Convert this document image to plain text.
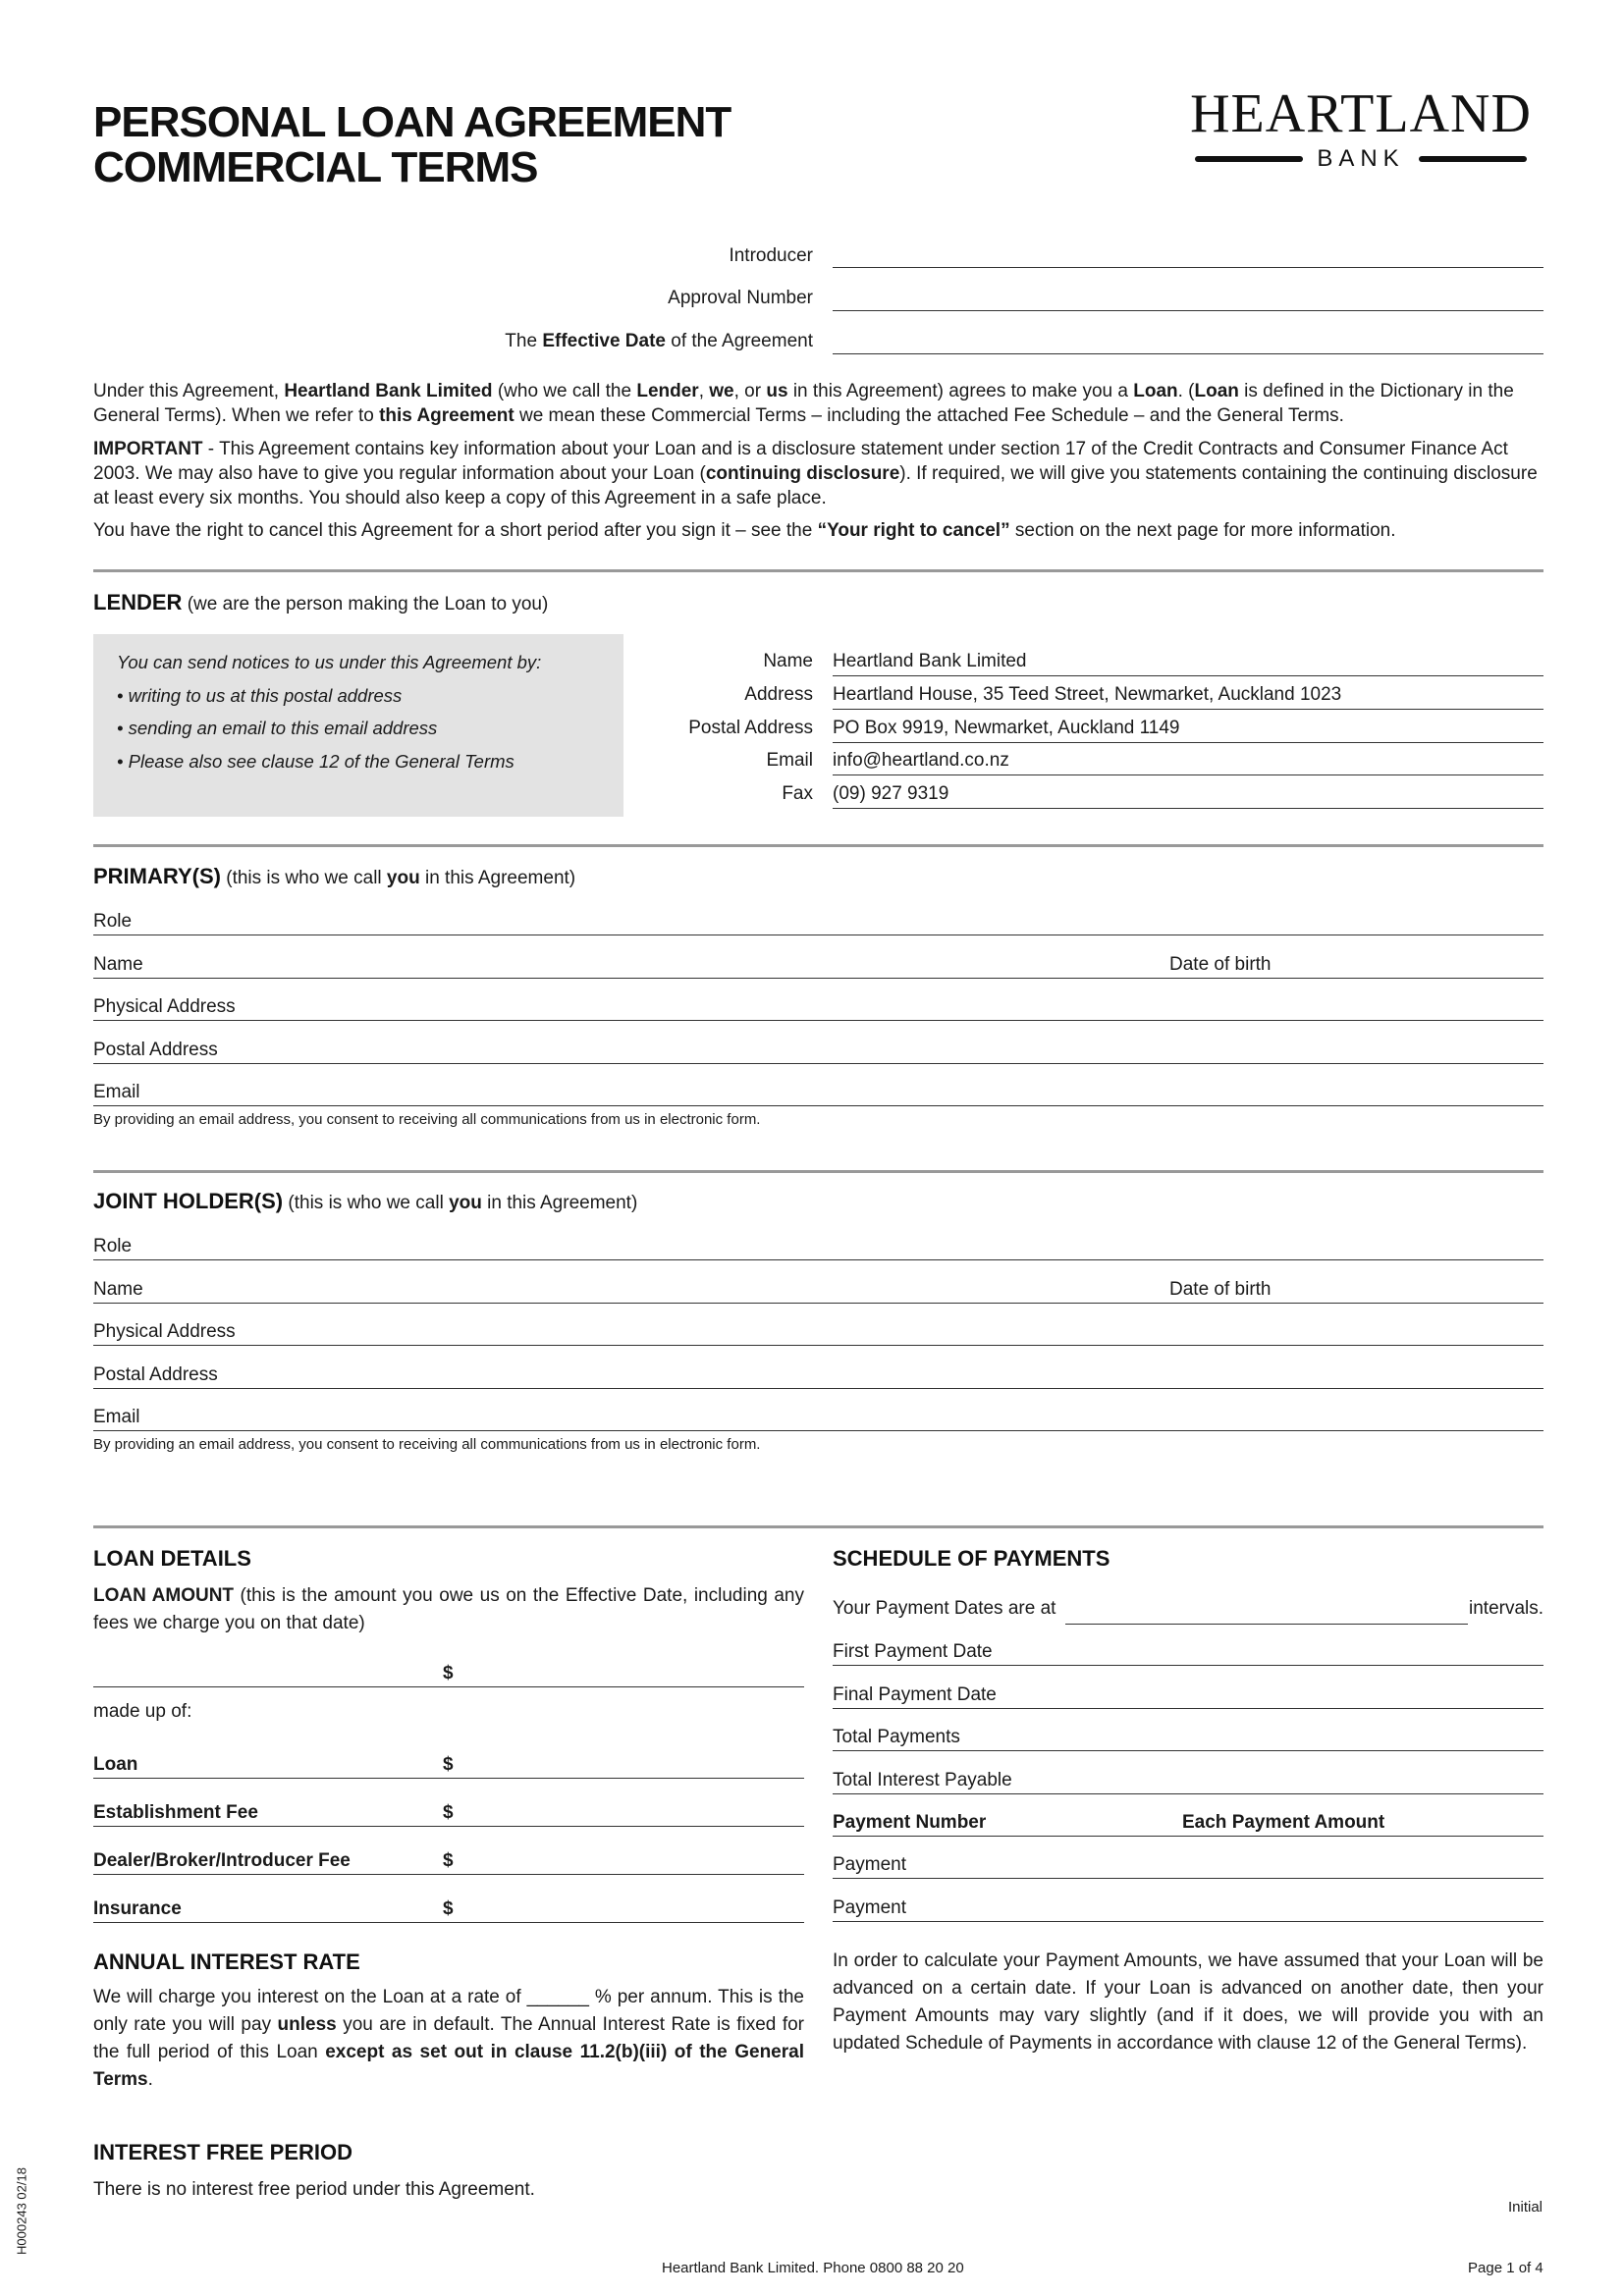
PERSONAL LOAN AGREEMENT
COMMERCIAL TERMS
HEARTLAND
BANK
Introducer
Approval Number
The Effective Date of the Agreement
Under this Agreement, Heartland Bank Limited (who we call the Lender, we, or us in this Agreement) agrees to make you a Loan. (Loan is defined in the Dictionary in the General Terms). When we refer to this Agreement we mean these Commercial Terms – including the attached Fee Schedule – and the General Terms.
IMPORTANT - This Agreement contains key information about your Loan and is a disclosure statement under section 17 of the Credit Contracts and Consumer Finance Act 2003. We may also have to give you regular information about your Loan (continuing disclosure). If required, we will give you statements containing the continuing disclosure at least every six months. You should also keep a copy of this Agreement in a safe place.
You have the right to cancel this Agreement for a short period after you sign it – see the “Your right to cancel” section on the next page for more information.
LENDER (we are the person making the Loan to you)
You can send notices to us under this Agreement by:
• writing to us at this postal address
• sending an email to this email address
• Please also see clause 12 of the General Terms
Name Heartland Bank Limited
Address Heartland House, 35 Teed Street, Newmarket, Auckland 1023
Postal Address PO Box 9919, Newmarket, Auckland 1149
Email info@heartland.co.nz
Fax (09) 927 9319
PRIMARY(S) (this is who we call you in this Agreement)
Role
Name	Date of birth
Physical Address
Postal Address
Email
By providing an email address, you consent to receiving all communications from us in electronic form.
JOINT HOLDER(S) (this is who we call you in this Agreement)
Role
Name	Date of birth
Physical Address
Postal Address
Email
By providing an email address, you consent to receiving all communications from us in electronic form.
LOAN DETAILS
LOAN AMOUNT (this is the amount you owe us on the Effective Date, including any fees we charge you on that date)
$
made up of:
Loan	$
Establishment Fee	$
Dealer/Broker/Introducer Fee	$
Insurance	$
ANNUAL INTEREST RATE
We will charge you interest on the Loan at a rate of ______ % per annum. This is the only rate you will pay unless you are in default. The Annual Interest Rate is fixed for the full period of this Loan except as set out in clause 11.2(b)(iii) of the General Terms.
SCHEDULE OF PAYMENTS
Your Payment Dates are at	intervals.
First Payment Date
Final Payment Date
Total Payments
Total Interest Payable
Payment Number	Each Payment Amount
Payment
Payment
In order to calculate your Payment Amounts, we have assumed that your Loan will be advanced on a certain date. If your Loan is advanced on another date, then your Payment Amounts may vary slightly (and if it does, we will provide you with an updated Schedule of Payments in accordance with clause 12 of the General Terms).
INTEREST FREE PERIOD
There is no interest free period under this Agreement.
Initial
Heartland Bank Limited. Phone 0800 88 20 20	Page 1 of 4
H000243 02/18
